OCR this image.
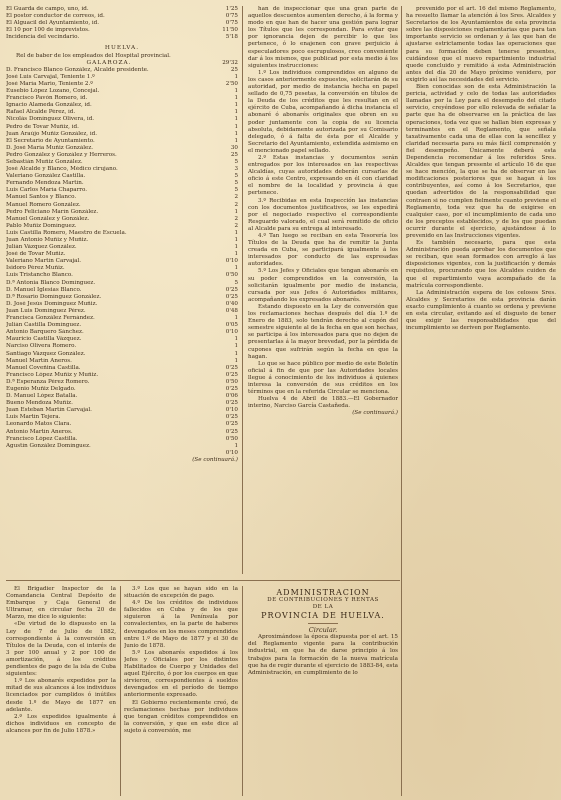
El Guarda de campo, uno, íd.	1'25
El postor conductor de correos, íd.	0'75
El Alguacil del Ayuntamiento, íd.	0'75
El 10 por 100 de imprevistos.	11'50
Incidencia del vecindario.	5'18
HUELVA.

Rel de baber de los empleados del Hospital provincial.

GALAROZA.	29'32
D. Francisco Blanco González, Alcalde presidente.	25
José Luis Carvajal, Teniente 1.º	1
José María Mario, Teniente 2.º	2'50
Eusebio López Lozano, Concejal.	1
Francisco Pavón Romero, íd.	1
Ignacio Alameda González, íd.	1
Rafael Alcalde Pérez, íd.	1
Nicolás Domínguez Olivera, íd.	1
Pedro de Tovar Muñiz, íd.	1
Juan Araújo Muñiz González, íd.	1
El Secretario de Ayuntamiento.	1
D. José María Muñiz González.	30
Pedro González y González y Herreros.	25
Sebastián Muñiz González.	5
José Alcalde y Blanco, Médico cirujano.	3
Valeriano González Castilla.	5
Fernando Mendoza Martín.	5
Luis Carlos María Chaparro.	5
Manuel Santos y Blanco.	2
Manuel Romero González.	2
Pedro Feliciano Marín González.	1
Manuel González y González.	2
Pablo Muñiz Domínguez.	2
Luis Castilla Romero, Maestro de Escuela.	1
Juan Antonio Muñiz y Muñiz.	1
Julián Vázquez González.	1
José de Tovar Muñiz.	1
Valeriano Martín Carvajal.	0'10
Isidoro Pérez Muñiz.	1
Luis Tristancho Blanco.	0'50
D.ª Antonia Blanco Domínguez.	5
D. Manuel Iglesias Blanco.	0'25
D.ª Rosario Domínguez González.	0'25
D. José Jesús Domínguez Muñiz.	0'40
Juan Luis Domínguez Pérez.	0'48
Francisca González Fernández.	1
Julián Castilla Domínguez.	0'05
Antonio Barquero Sánchez.	0'10
Mauricio Castilla Vázquez.	1
Narciso Olivera Romero.	1
Santiago Vázquez González.	1
Manuel Martín Aneros.	1
Manuel Coveñina Castilla.	0'25
Francisco López Muñiz y Muñiz.	0'25
D.ª Esperanza Pérez Romero.	0'50
Eugenio Muñiz Delgado.	0'25
D. Manuel López Batalla.	0'06
Bueno Mendoza Muñiz.	0'25
Juan Esteban Martín Carvajal.	0'10
Luis Martín Tejera.	0'25
Leonardo Matos Clara.	0'25
Antonio Martín Aneros.	0'25
Francisco López Castilla.	0'50
Agustín González Domínguez.	1
0'10
(Se continuará.)

han de inspeccionar que una gran parte de aquellos descuentos aumenten derecho, á la forma y modo en que han de hacer una gestión para lograr los Títulos que les correspondan. Para evitar que por ignorancia dejen de percibir lo que les pertenece, ó lo enajenen con grave perjuicio á especuladores poco escrupulosos, creo conveniente dar á los mismos, que publicad por esta medio á los siguientes instrucciones:

1.º Los individuos comprendidos en alguno de los casos anteriormente expuestos, solicitarán de su autoridad, por medio de instancia hecha en papel sellado de 0,75 pesetas, la conversión en títulos de la Deuda de los créditos que les resultan en el ejército de Cuba, acompañando á dicha instancia el abonaré ó abonarés originales que obren en su poder juntamente con la copia de su licencia absoluta, debidamente autorizada por su Comisario delegado, ó á falta de ésta por el Alcalde y Secretario del Ayuntamiento, extendida asimismo en el mencionado papel sellado.

2.º Estas instancias y documentos serán entregados por los interesados en las respectivas Alcaldías, cuyas autoridades deberán cursarlas de oficio á este Centro, expresando en él con claridad el nombre de la localidad y provincia á que pertenece.

3.º Recibidas en esta Inspección las instancias con los documentos justificativos, se les expedirá por el negociado respectivo el correspondiente Resguardo valorado, el cual será remitido de oficio al Alcalde para su entrega al interesado.

4.º Tan luego se reciban en esta Tesorería los Títulos de la Deuda que ha de remitir la Junta creada en Cuba, se participará igualmente á los interesados por conducto de las expresadas autoridades.

5.º Los Jefes y Oficiales que tengan abonarés en su poder comprendidos en la conversión, la solicitarán igualmente por medio de instancia, cursada por sus Jefes ó Autoridades militares, acompañando los expresados abonarés.

Estando dispuesto en la Ley de conversión que los reclamaciones hechas después del día 1.º de Enero de 1883, solo tendrán derecho al cupón del semestre siguiente al de la fecha en que son hechas, se participa á los interesados para que no dejen de presentarlas á la mayor brevedad, por la pérdida de cupones que sufrirán según la fecha en que la hagan.

Lo que se hace público por medio de este Boletín oficial á fin de que por las Autoridades locales llegue á conocimiento de los individuos á quienes interesa la conversión de sus créditos en los términos que en la referida Circular se menciona.

Huelva 4 de Abril de 1883.—El Gobernador interino, Narciso García Castañeda.

(Se continuará.)

prevenido por el art. 16 del mismo Reglamento, ha resuelto llamar la atención á los Sres. Alcaldes y Secretarios de los Ayuntamientos de esta provincia sobre las disposiciones reglamentarias que para tan importante servicio se ordenan y á las que han de ajustarse estrictamente todas las operaciones que para su formación deben tenerse presentes, cuidándose que el nuevo repartimiento industrial quede concluido y remitido á esta Administración antes del día 20 de Mayo próximo venidero, por exigirlo así las necesidades del servicio.

Bien conocidas son de esta Administración la pericia, actividad y celo de todas las autoridades llamadas por la Ley para el desempeño del citado servicio, creyéndose por ello relevada de señalar la parte que ha de observarse en la práctica de las operaciones, toda vez que se hallan bien expresas y terminantes en el Reglamento, que señala taxativamente cada una de ellas con la sencillez y claridad necesaria para su más fácil comprensión y fiel desempeño. Únicamente deberá esta Dependencia recomendar á los referidos Sres. Alcaldes que tengan presente el artículo 16 de que se hace mención, la que se ha de observar en las modificaciones posteriores que se hagan á los contribuyentes, así como á los Secretarios, que quedan advertidos de la responsabilidad que contraen si no cumplen fielmente cuanto previene el Reglamento, toda vez que ha de exigirse en cualquier caso, por el incumplimiento de cada uno de los preceptos establecidos, y de los que puedan ocurrir durante el ejercicio, ajustándose á lo prevenido en las Instrucciones vigentes.

Es también necesario, para que esta Administración pueda aprobar los documentos que se reciban, que sean formados con arreglo á las disposiciones vigentes, con la justificación y demás requisitos, procurando que los Alcaldes cuiden de que el repartimiento vaya acompañado de la matrícula correspondiente.

La Administración espera de los celosos Sres. Alcaldes y Secretarios de esta provincia darán exacto cumplimiento á cuanto se ordena y previene en esta circular, evitando así el disgusto de tener que exigir las responsabilidades que del incumplimiento se deriven por Reglamento.

El Brigadier Inspector de la Comandancia Central Depósito de Embarque y Caja General de Ultramar, en circular fecha 20 de Marzo, me dice lo siguiente:

«De virtud de lo dispuesto en la Ley de 7 de Julio de 1882, correspondiente á la conversión en Títulos de la Deuda, con el interés de 3 por 100 anual y 2 por 100 de amortización, á los créditos pendientes de pago de la isla de Cuba siguientes:

1.º Los abonarés expedidos por la mitad de sus alcances á los individuos licenciados por cumplidos ó inútiles desde 1.º de Mayo de 1877 en adelante.

2.º Los expedidos igualmente á dichos individuos en concepto de alcances por fin de Julio 1878.»

3.º Los que se hayan sido en la situación de excepción de pago.

4.º De los créditos de individuos fallecidos en Cuba y de los que siguieron á la Península por convalecientes, en la parte de haberes devengados en los meses comprendidos entre 1.º de Mayo de 1877 y el 30 de Junio de 1878.

5.º Los abonarés expedidos á los Jefes y Oficiales por los distintos Habilitados de Cuerpo y Unidades del aquel Ejército, ó por los cuerpos en que sirvieron, correspondientes á sueldos devengados en el período de tiempo anteriormente expresado.

El Gobierno recientemente creó, de reclamaciones hechas por individuos que tengan créditos comprendidos en la conversión, y que en este dice al sujeto á conversión, me

ADMINISTRACION
DE CONTRIBUCIONES Y RENTAS
DE LA
PROVINCIA DE HUELVA.
Circular.

Aproximándose la época dispuesta por el art. 15 del Reglamento vigente para la contribución industrial, en que ha de darse principio á los trabajos para la formación de la nueva matrícula que ha de regir durante el ejercicio de 1883-84, esta Administración, en cumplimiento de lo
